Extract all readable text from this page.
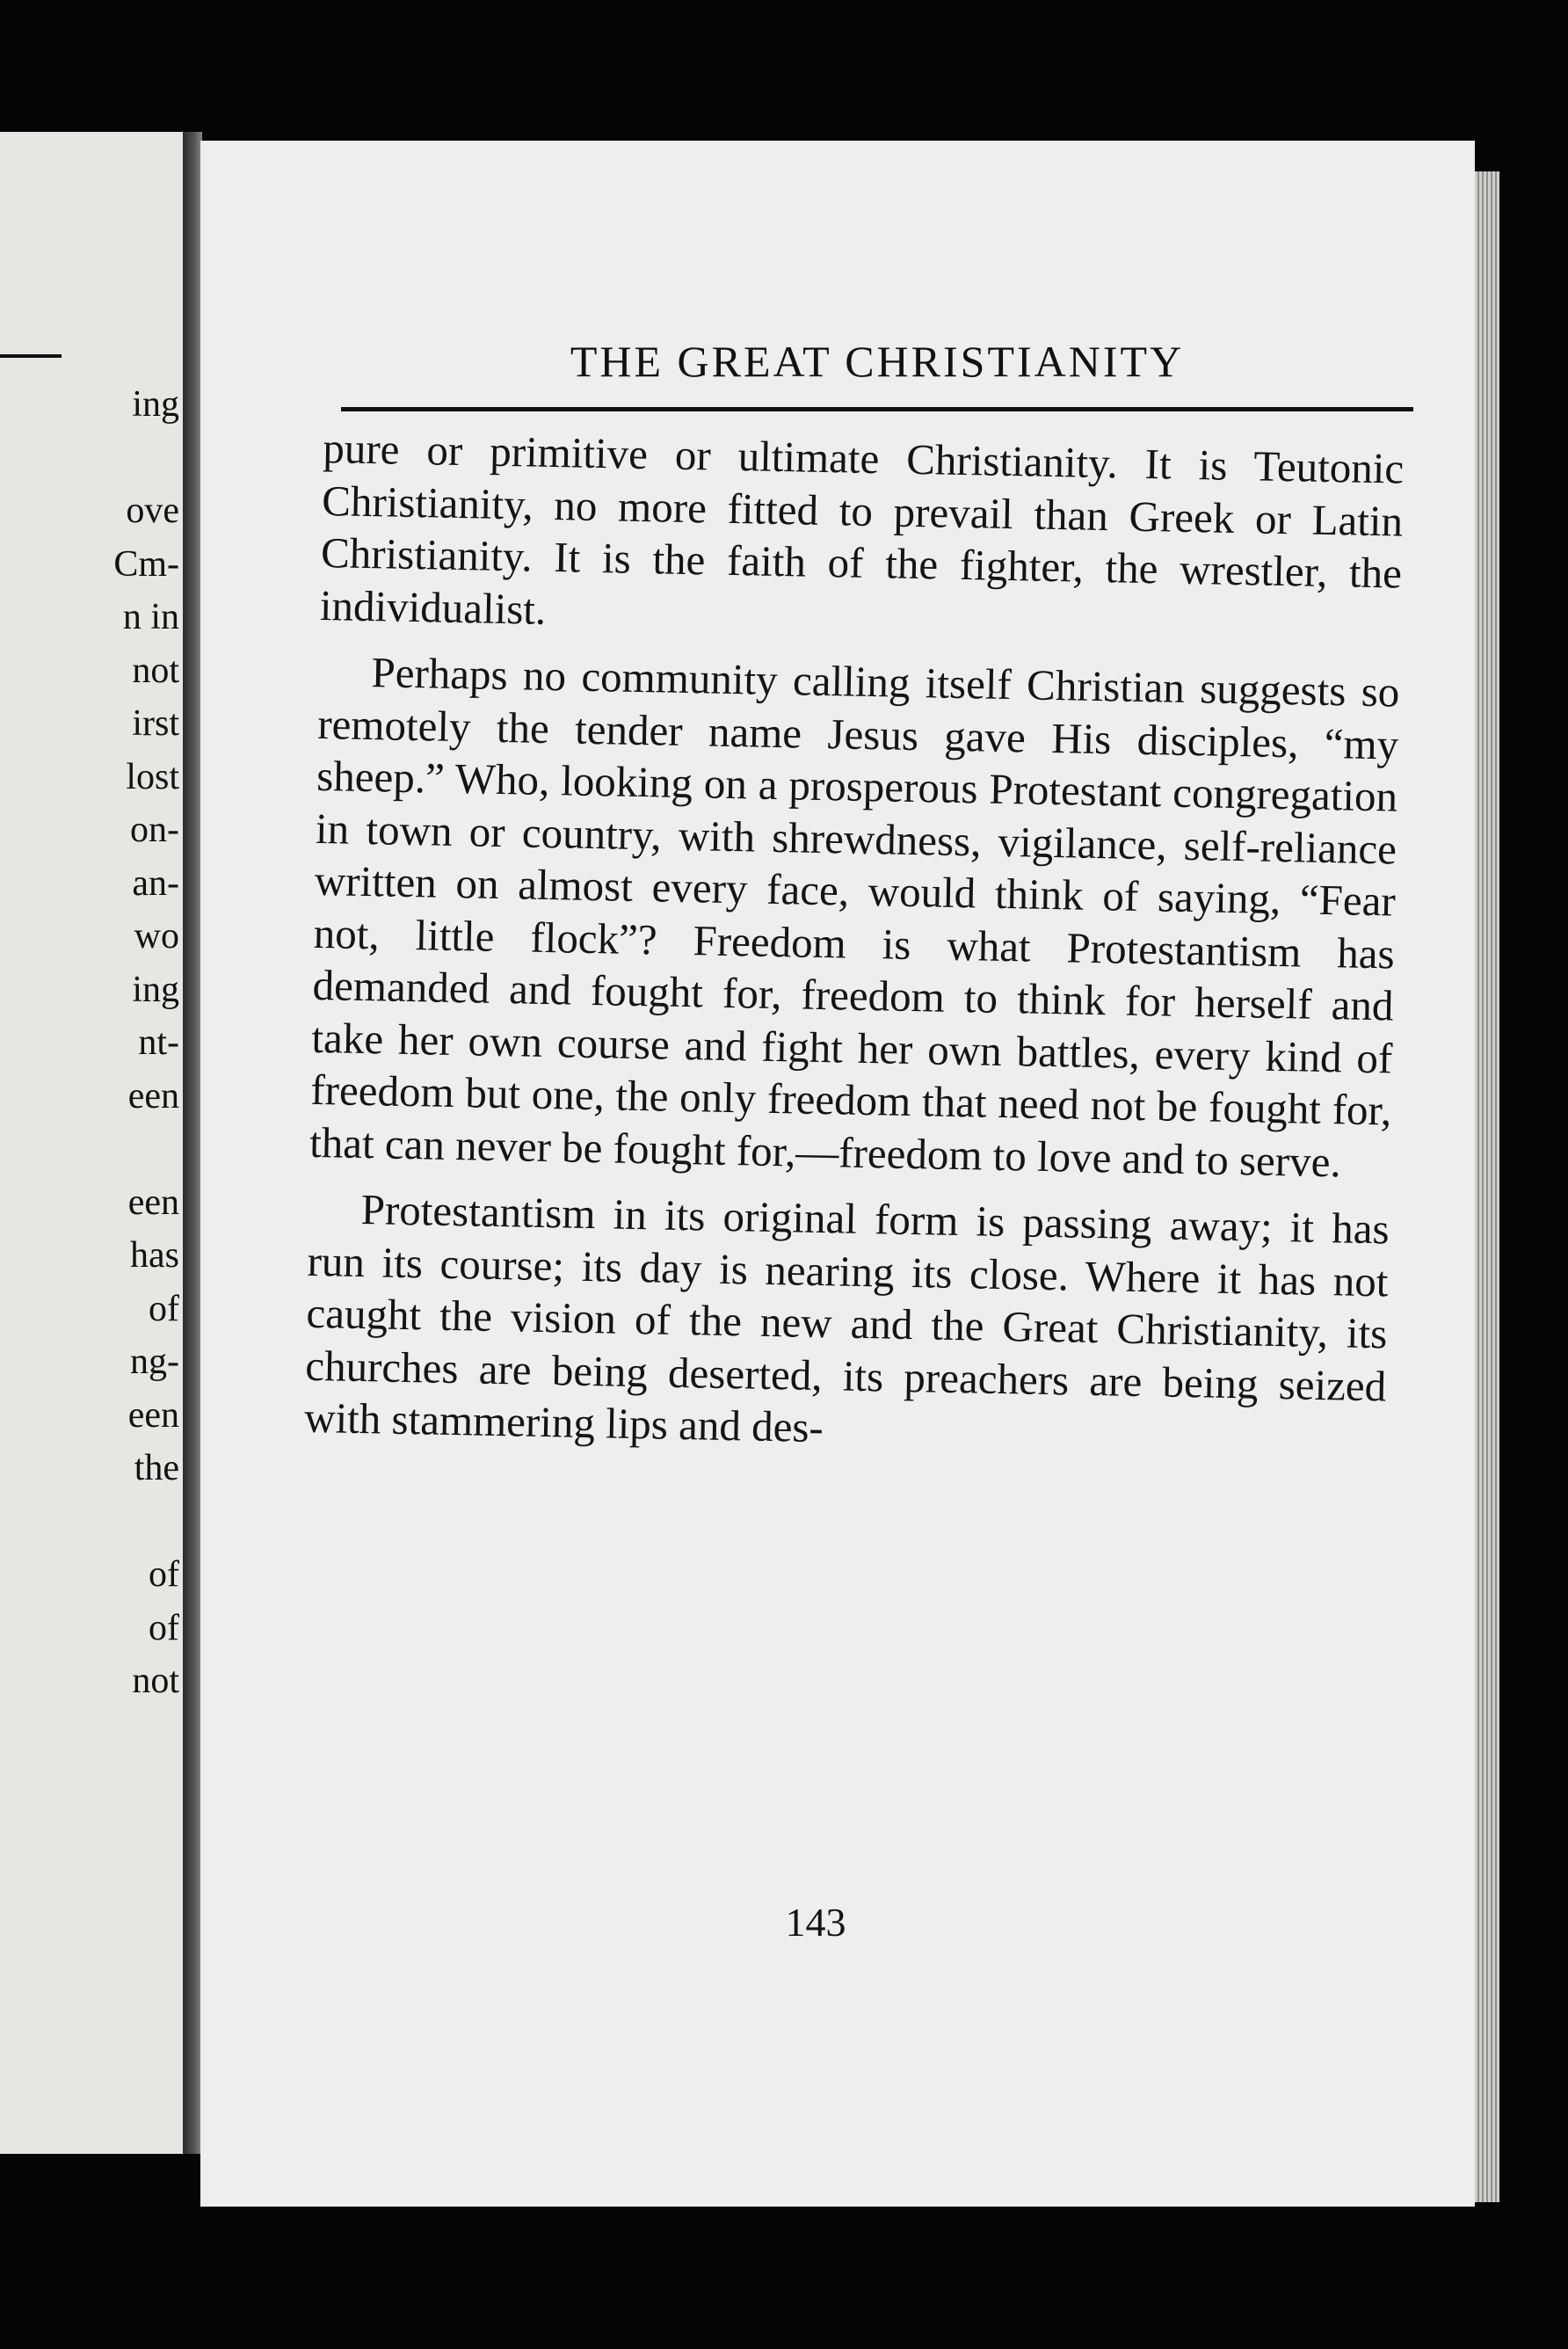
ing

ove
Cm-
n in
not
irst
lost
on-
an-
wo
ing
nt-
een

een
has
of
ng-
een
the

of
of
not
THE GREAT CHRISTIANITY

pure or primitive or ultimate Christianity. It is Teutonic Christianity, no more fitted to prevail than Greek or Latin Christianity. It is the faith of the fighter, the wrestler, the individualist.

Perhaps no community calling itself Christian suggests so remotely the tender name Jesus gave His disciples, “my sheep.” Who, looking on a prosperous Protestant congregation in town or country, with shrewdness, vigilance, self-reliance written on almost every face, would think of saying, “Fear not, little flock”? Freedom is what Protestantism has demanded and fought for, freedom to think for herself and take her own course and fight her own battles, every kind of freedom but one, the only freedom that need not be fought for, that can never be fought for,—freedom to love and to serve.

Protestantism in its original form is passing away; it has run its course; its day is nearing its close. Where it has not caught the vision of the new and the Great Christianity, its churches are being deserted, its preachers are being seized with stammering lips and des-

143
